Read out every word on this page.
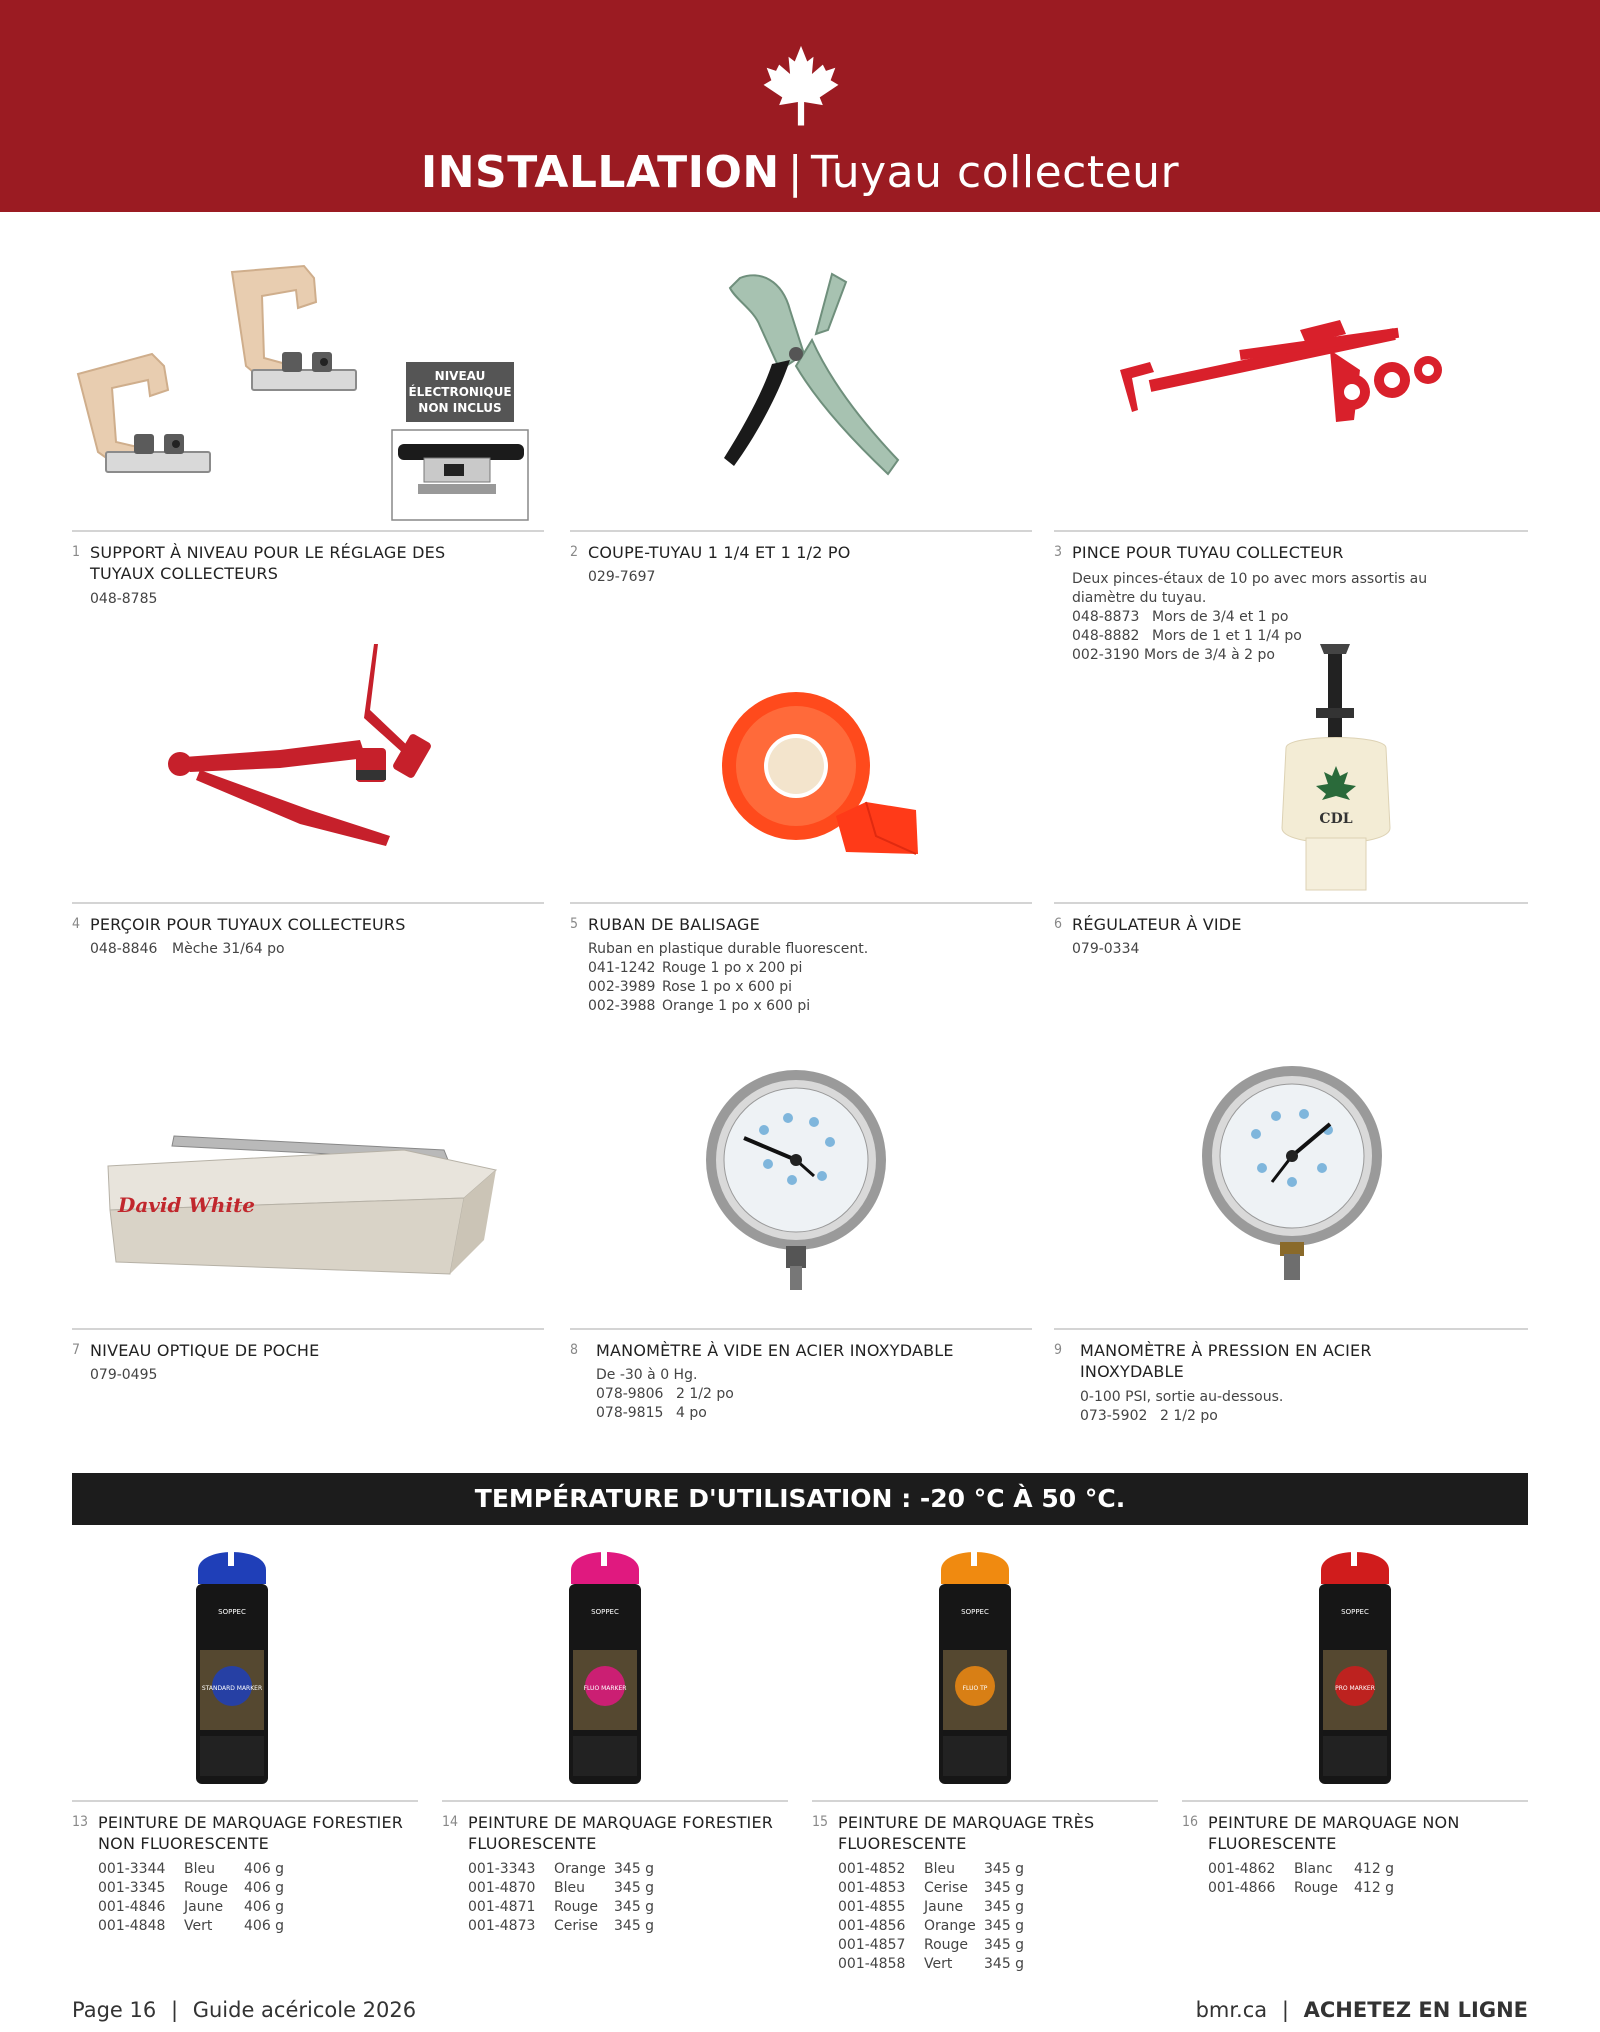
INSTALLATION | Tuyau collecteur
NIVEAU
ÉLECTRONIQUE
NON INCLUS
1 SUPPORT À NIVEAU POUR LE RÉGLAGE DES
TUYAUX COLLECTEURS
048-8785
2 COUPE-TUYAU 1 1/4 ET 1 1/2 PO
029-7697
3 PINCE POUR TUYAU COLLECTEUR
Deux pinces-étaux de 10 po avec mors assortis au
diamètre du tuyau.
048-8873 Mors de 3/4 et 1 po
048-8882 Mors de 1 et 1 1/4 po
002-3190 Mors de 3/4 à 2 po
CDL
4 PERÇOIR POUR TUYAUX COLLECTEURS
048-8846 Mèche 31/64 po
5 RUBAN DE BALISAGE
Ruban en plastique durable fluorescent.
041-1242 Rouge 1 po x 200 pi
002-3989 Rose 1 po x 600 pi
002-3988 Orange 1 po x 600 pi
6 RÉGULATEUR À VIDE
079-0334
David White
7 NIVEAU OPTIQUE DE POCHE
079-0495
8 MANOMÈTRE À VIDE EN ACIER INOXYDABLE
De -30 à 0 Hg.
078-9806 2 1/2 po
078-9815 4 po
9 MANOMÈTRE À PRESSION EN ACIER
INOXYDABLE
0-100 PSI, sortie au-dessous.
073-5902 2 1/2 po
TEMPÉRATURE D'UTILISATION : -20 °C À 50 °C.
SOPPEC
STANDARD MARKER
SOPPEC
FLUO MARKER
SOPPEC
FLUO TP
SOPPEC
PRO MARKER
13 PEINTURE DE MARQUAGE FORESTIER
NON FLUORESCENTE
001-3344 Bleu 406 g
001-3345 Rouge 406 g
001-4846 Jaune 406 g
001-4848 Vert 406 g
14 PEINTURE DE MARQUAGE FORESTIER
FLUORESCENTE
001-3343 Orange 345 g
001-4870 Bleu 345 g
001-4871 Rouge 345 g
001-4873 Cerise 345 g
15 PEINTURE DE MARQUAGE TRÈS
FLUORESCENTE
001-4852 Bleu 345 g
001-4853 Cerise 345 g
001-4855 Jaune 345 g
001-4856 Orange 345 g
001-4857 Rouge 345 g
001-4858 Vert 345 g
16 PEINTURE DE MARQUAGE NON
FLUORESCENTE
001-4862 Blanc 412 g
001-4866 Rouge 412 g
Page 16 | Guide acéricole 2026	bmr.ca | ACHETEZ EN LIGNE
